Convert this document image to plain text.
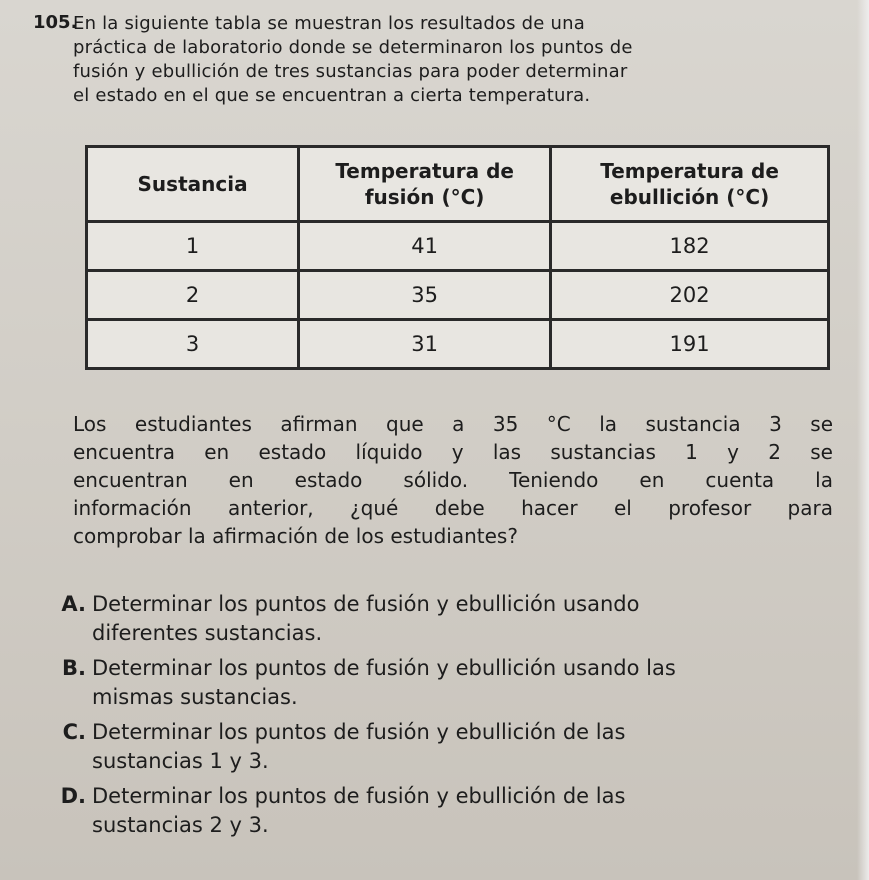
105.
En la siguiente tabla se muestran los resultados de una
práctica de laboratorio donde se determinaron los puntos de
fusión y ebullición de tres sustancias para poder determinar
el estado en el que se encuentran a cierta temperatura.
Sustancia	Temperatura de fusión (°C)	Temperatura de ebullición (°C)
1	41	182
2	35	202
3	31	191
Los estudiantes afirman que a 35 °C la sustancia 3 se
encuentra en estado líquido y las sustancias 1 y 2 se
encuentran en estado sólido. Teniendo en cuenta la
información anterior, ¿qué debe hacer el profesor para
comprobar la afirmación de los estudiantes?
A. Determinar los puntos de fusión y ebullición usando
diferentes sustancias.
B. Determinar los puntos de fusión y ebullición usando las
mismas sustancias.
C. Determinar los puntos de fusión y ebullición de las
sustancias 1 y 3.
D. Determinar los puntos de fusión y ebullición de las
sustancias 2 y 3.
